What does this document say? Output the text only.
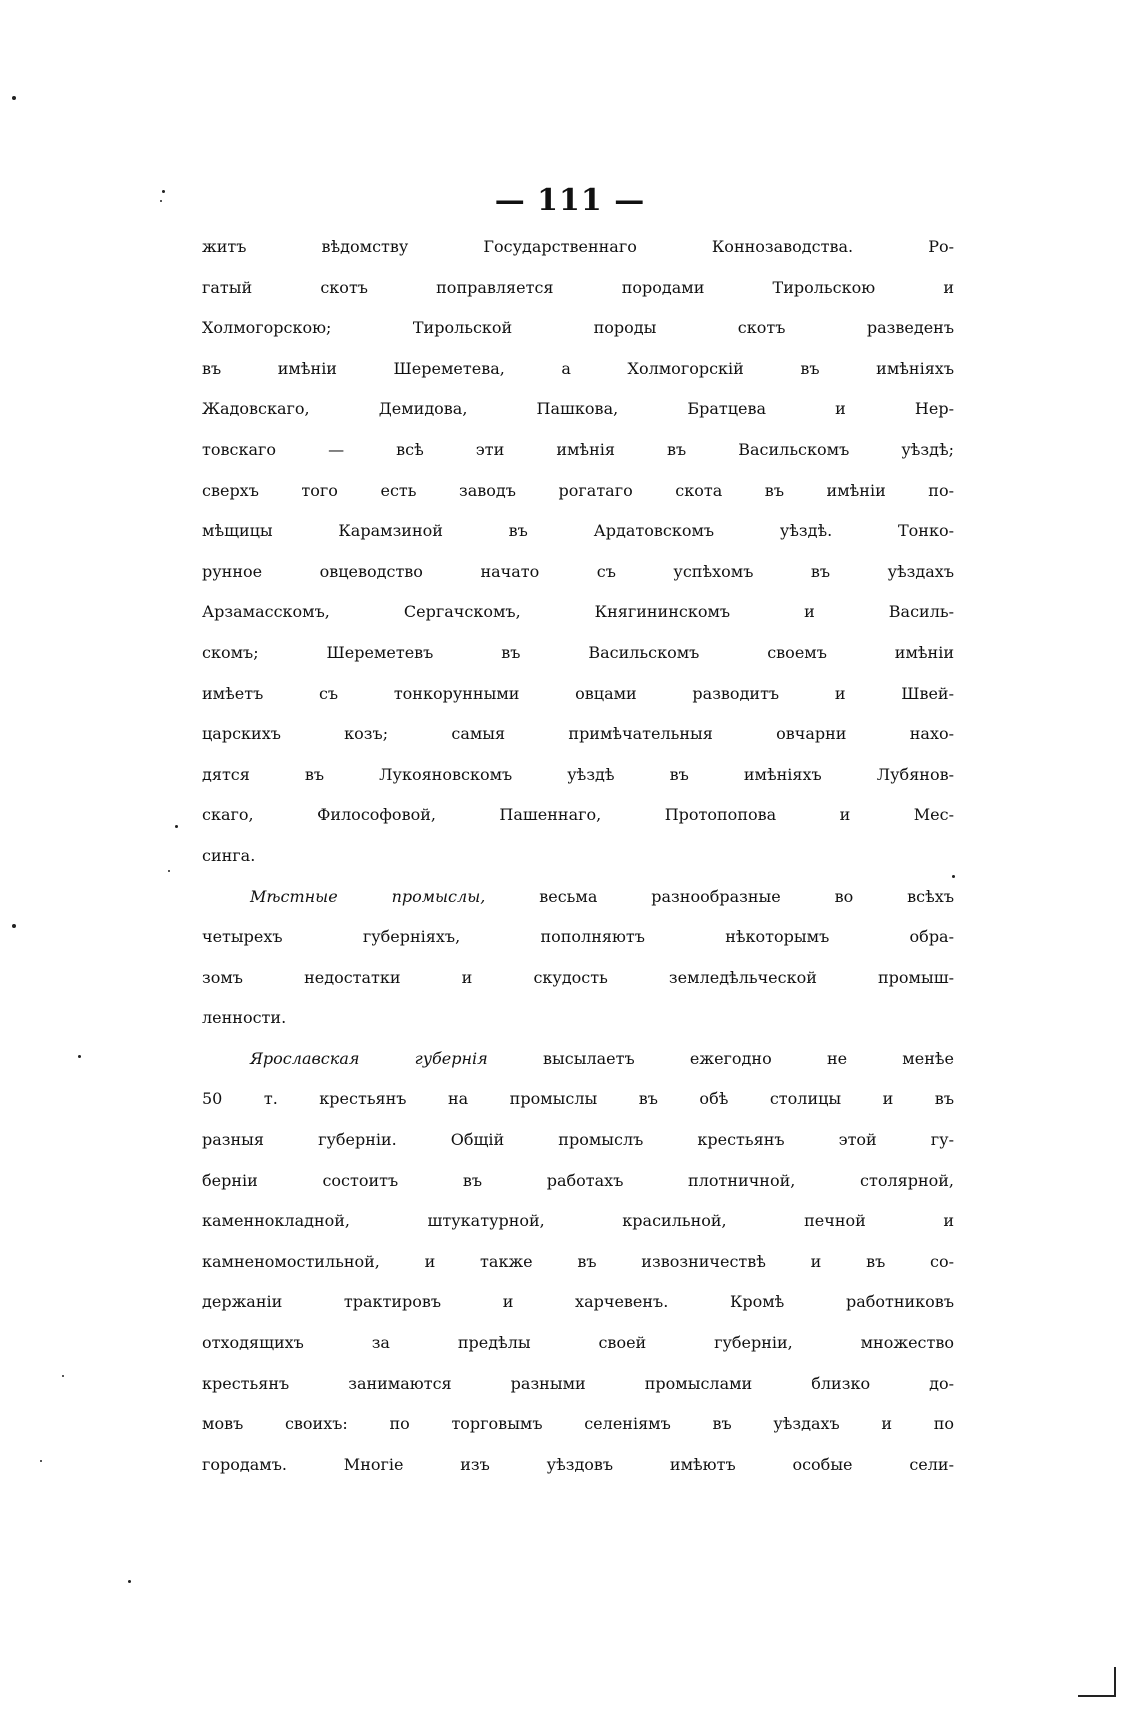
— 111 —
житъ вѣдомству Государственнаго Коннозаводства. Ро-
гатый скотъ поправляется породами Тирольскою и
Холмогорскою; Тирольской породы скотъ разведенъ
въ имѣніи Шереметева, а Холмогорскій въ имѣніяхъ
Жадовскаго, Демидова, Пашкова, Братцева и Нер-
товскаго — всѣ эти имѣнія въ Васильскомъ уѣздѣ;
сверхъ того есть заводъ рогатаго скота въ имѣніи по-
мѣщицы Карамзиной въ Ардатовскомъ уѣздѣ. Тонко-
рунное овцеводство начато съ успѣхомъ въ уѣздахъ
Арзамасскомъ, Сергачскомъ, Княгининскомъ и Василь-
скомъ; Шереметевъ въ Васильскомъ своемъ имѣніи
имѣетъ съ тонкорунными овцами разводитъ и Швей-
царскихъ козъ; самыя примѣчательныя овчарни нахо-
дятся въ Лукояновскомъ уѣздѣ въ имѣніяхъ Лубянов-
скаго, Философовой, Пашеннаго, Протопопова и Мес-
синга.
Мѣстные промыслы, весьма разнообразные во всѣхъ
четырехъ губерніяхъ, пополняютъ нѣкоторымъ обра-
зомъ недостатки и скудость земледѣльческой промыш-
ленности.
Ярославская губернія высылаетъ ежегодно не менѣе
50 т. крестьянъ на промыслы въ обѣ столицы и въ
разныя губерніи. Общій промыслъ крестьянъ этой гу-
берніи состоитъ въ работахъ плотничной, столярной,
каменноклaдной, штукатурной, красильной, печной и
камненомостильной, и также въ извозничествѣ и въ со-
держаніи трактировъ и харчевенъ. Кромѣ работниковъ
отходящихъ за предѣлы своей губерніи, множество
крестьянъ занимаются разными промыслами близко до-
мовъ своихъ: по торговымъ селеніямъ въ уѣздахъ и по
городамъ. Многіе изъ уѣздовъ имѣютъ особые сели-
